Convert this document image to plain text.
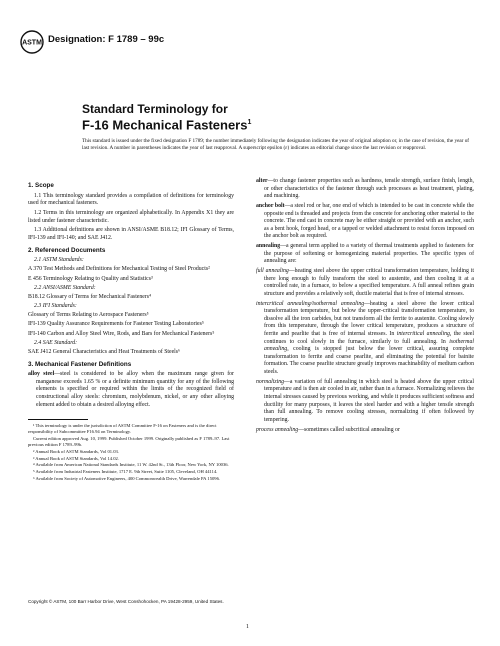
ASTM Designation: F 1789 – 99c
Standard Terminology for
F-16 Mechanical Fasteners$^1$
This standard is issued under the fixed designation F 1789; the number immediately following the designation indicates the year of original adoption or, in the case of revision, the year of last revision. A number in parentheses indicates the year of last reapproval. A superscript epsilon (ε) indicates an editorial change since the last revision or reapproval.
1. Scope

1.1 This terminology standard provides a compilation of definitions for terminology used for mechanical fasteners.

1.2 Terms in this terminology are organized alphabetically. In Appendix X1 they are listed under fastener characteristic.

1.3 Additional definitions are shown in ANSI/ASME B18.12; IFI Glossary of Terms, IFI-139 and IFI-140; and SAE J412.

2. Referenced Documents

2.1 ASTM Standards:

A 370 Test Methods and Definitions for Mechanical Testing of Steel Products²

E 456 Terminology Relating to Quality and Statistics³

2.2 ANSI/ASME Standard:

B18.12 Glossary of Terms for Mechanical Fasteners⁴

2.3 IFI Standards:

Glossary of Terms Relating to Aerospace Fasteners⁵

IFI-139 Quality Assurance Requirements for Fastener Testing Laboratories⁵

IFI-140 Carbon and Alloy Steel Wire, Rods, and Bars for Mechanical Fasteners⁵

2.4 SAE Standard:

SAE J412 General Characteristics and Heat Treatments of Steels⁶

3. Mechanical Fastener Definitions

alloy steel—steel is considered to be alloy when the maximum range given for manganese exceeds 1.65 % or a definite minimum quantity for any of the following elements is specified or required within the limits of the recognized field of constructional alloy steels: chromium, molybdenum, nickel, or any other alloying element added to obtain a desired alloying effect.

¹ This terminology is under the jurisdiction of ASTM Committee F-16 on Fasteners and is the direct responsibility of Subcommittee F16.94 on Terminology.

Current edition approved Aug. 10, 1999. Published October 1999. Originally published as F 1789–97. Last previous edition F 1789–99b.

² Annual Book of ASTM Standards, Vol 01.03.

³ Annual Book of ASTM Standards, Vol 14.02.

⁴ Available from American National Standards Institute, 11 W. 42nd St., 13th Floor, New York, NY 10036.

⁵ Available from Industrial Fasteners Institute, 1717 E. 9th Street, Suite 1105, Cleveland, OH 44114.

⁶ Available from Society of Automotive Engineers, 400 Commonwealth Drive, Warrendale PA 15096.

alter—to change fastener properties such as hardness, tensile strength, surface finish, length, or other characteristics of the fastener through such processes as heat treatment, plating, and machining.

anchor bolt—a steel rod or bar, one end of which is intended to be cast in concrete while the opposite end is threaded and projects from the concrete for anchoring other material to the concrete. The end cast in concrete may be either straight or provided with an anchor, such as a bent hook, forged head, or a tapped or welded attachment to resist forces imposed on the anchor bolt as required.

annealing—a general term applied to a variety of thermal treatments applied to fasteners for the purpose of softening or homogenizing material properties. The specific types of annealing are:

full annealing—heating steel above the upper critical transformation temperature, holding it there long enough to fully transform the steel to austenite, and then cooling it at a controlled rate, in a furnace, to below a specified temperature. A full anneal refines grain structure and provides a relatively soft, ductile material that is free of internal stresses.

intercritical annealing/isothermal annealing—heating a steel above the lower critical transformation temperature, but below the upper-critical transformation temperature, to dissolve all the iron carbides, but not transform all the ferrite to austenite. Cooling slowly from this temperature, through the lower critical temperature, produces a structure of ferrite and pearlite that is free of internal stresses. In intercritical annealing, the steel continues to cool slowly in the furnace, similarly to full annealing. In isothermal annealing, cooling is stopped just below the lower critical, assuring complete transformation to ferrite and coarse pearlite, and eliminating the potential for bainite formation. The coarse pearlite structure greatly improves machinability of medium carbon steels.

normalizing—a variation of full annealing in which steel is heated above the upper critical temperature and is then air cooled in air, rather than in a furnace. Normalizing relieves the internal stresses caused by previous working, and while it produces sufficient softness and ductility for many purposes, it leaves the steel harder and with a higher tensile strength than full annealing. To remove cooling stresses, normalizing if often followed by tempering.

process annealing—sometimes called subcritical annealing or

Copyright © ASTM, 100 Barr Harbor Drive, West Conshohocken, PA 19428-2959, United States.
1
